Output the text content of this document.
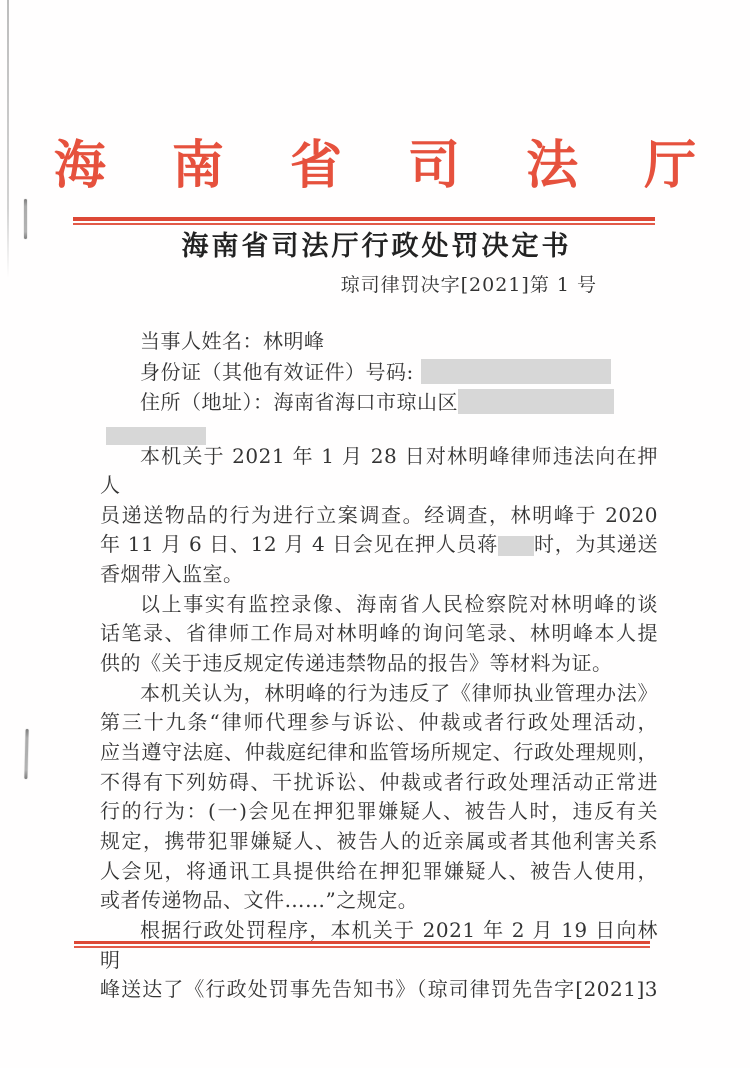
海 南 省 司 法 厅
海南省司法厅行政处罚决定书
琼司律罚决字[2021]第 1 号
当事人姓名：林明峰
身份证（其他有效证件）号码:
住所（地址）：海南省海口市琼山区
本机关于 2021 年 1 月 28 日对林明峰律师违法向在押人
员递送物品的行为进行立案调查。经调查，林明峰于 2020
年 11 月 6 日、12 月 4 日会见在押人员蒋 时，为其递送
香烟带入监室。
以上事实有监控录像、海南省人民检察院对林明峰的谈
话笔录、省律师工作局对林明峰的询问笔录、林明峰本人提
供的《关于违反规定传递违禁物品的报告》等材料为证。
本机关认为，林明峰的行为违反了《律师执业管理办法》
第三十九条“律师代理参与诉讼、仲裁或者行政处理活动，
应当遵守法庭、仲裁庭纪律和监管场所规定、行政处理规则，
不得有下列妨碍、干扰诉讼、仲裁或者行政处理活动正常进
行的行为：(一)会见在押犯罪嫌疑人、被告人时，违反有关
规定，携带犯罪嫌疑人、被告人的近亲属或者其他利害关系
人会见，将通讯工具提供给在押犯罪嫌疑人、被告人使用，
或者传递物品、文件……”之规定。
根据行政处罚程序，本机关于 2021 年 2 月 19 日向林明
峰送达了《行政处罚事先告知书》（琼司律罚先告字[2021]3
